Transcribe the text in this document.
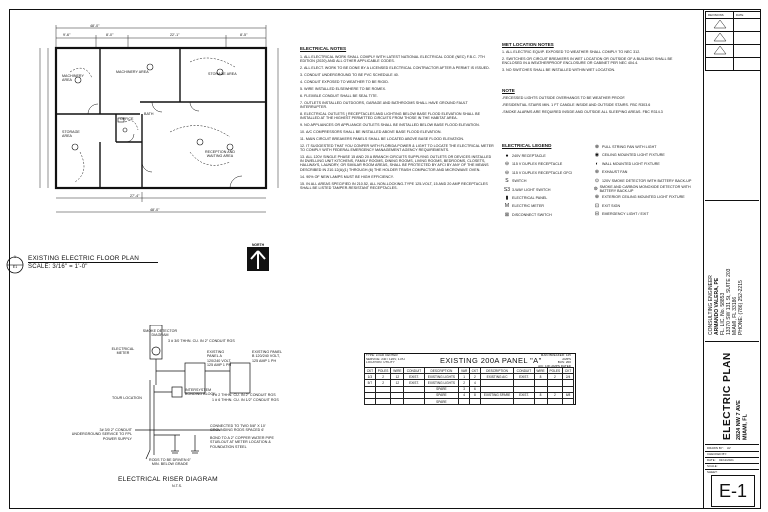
48'-0"
9'-6"	8'-0"	22'-1"	8'-5"
27'-4"
48'-0"
MACHINERY AREA
MACHINERY AREA	STORAGE AREA
STORAGE AREA
OFFICE
RECEPTION AND WAITING AREA
BATH
1
E1
EXISTING ELECTRIC FLOOR PLAN
SCALE: 3/16" = 1'-0"
NORTH
ELECTRICAL NOTES

1. ALL ELECTRICAL WORK SHALL COMPLY WITH LATEST NATIONAL ELECTRICAL CODE (NEC) F.B.C. 7TH EDITION (2020) AND ALL OTHER APPLICABLE CODES.

2. ALL ELECT. WORK TO BE DONE BY A LICENSED ELECTRICAL CONTRACTOR AFTER A PERMIT IS ISSUED.

3. CONDUIT UNDERGROUND TO BE PVC SCHEDULE 40.

4. CONDUIT EXPOSED TO WEATHER TO BE RIGID.

5. WIRE INSTALLED ELSEWHERE TO BE ROMEX.

6. FLEXIBLE CONDUIT SHALL BE SEAL TITE.

7. OUTLETS INSTALLED OUTDOORS, GARAGE AND BATHROOMS SHALL HAVE GROUND FAULT INTERRUPTER.

8. ELECTRICAL OUTLETS ( RECEPTACLES AND LIGHTING BELOW BASE FLOOD ELEVATION SHALL BE INSTALLED AT THE HIGHEST PERMITTED CIRCUITS FROM THOSE IN THE HABITAT AREA.

9. NO APPLIANCES OR APPLIANCE OUTLETS SHALL BE INSTALLED BELOW BASE FLOOD ELEVATION.

10. A/C COMPRESSORS SHALL BE INSTALLED ABOVE BASE FLOOD ELEVATION.

11. MAIN CIRCUIT BREAKERS PANELS SHALL BE LOCATED ABOVE BASE FLOOD ELEVATION.

12. IT SUGGESTED THAT YOU CONFER WITH FLORIDA POWER & LIGHT TO LOCATE THE ELECTRICAL METER TO COMPLY WITH FEDERAL EMERGENCY MANAGEMENT AGENCY REQUIREMENTS.

13. ALL 120V SINGLE PHASE 15 AND 20 A BRANCH CIRCUITS SUPPLYING OUTLETS OR DEVICES INSTALLED IN DWELLING UNIT KITCHENS, FAMILY ROOMS, DINING ROOMS, LIVING ROOMS, BEDROOMS, CLOSETS, HALLWAYS, LAUNDRY, OR SIMILAR ROOM AREAS, SHALL BE PROTECTED BY AFCI BY ANY OF THE MEANS DESCRIBED IN 210.12(A)(1) THROUGH (6) THE HOLDER TRASH COMPACTOR AND MICROWAVE OVEN.

14. 90% OF NEW LAMPS MUST BE HIGH EFFICIENCY.

15. IN ALL AREAS SPECIFIED IN 210.52, ALL NON-LOCKING-TYPE 125-VOLT, 15 AND 20 AMP RECEPTACLES SHALL BE LISTED TAMPER-RESISTANT RECEPTACLES.

MET LOCATION NOTES

1. ALL ELECTRIC EQUIP. EXPOSED TO WEATHER SHALL COMPLY TO NEC 312.

2. SWITCHES OR CIRCUIT BREAKERS IN WET LOCATION OR OUTSIDE OF A BUILDING SHALL BE ENCLOSED IN A WEATHERPROOF ENCLOSURE OR CABINET PER NEC 404.4.

3. NO SWITCHES SHALL BE INSTALLED WITHIN WET LOCATION.

NOTE

-RECESSED LIGHTS OUTSIDE OVERHANGS TO BE WEATHER PROOF.

-RESIDENTIAL STAIRS MIN. 1 FT CANDLE INSIDE AND OUTSIDE STAIRS. FBC R303.6

-SMOKE ALARMS ARE REQUIRED INSIDE AND OUTSIDE ALL SLEEPING AREAS. FBC R314.3

ELECTRICAL LEGEND
● 240V RECEPTACLE
⊖ 115 V DUPLEX RECEPTACLE
⊖ 115 V DUPLEX RECEPTACLE GFCI
S SWITCH
S3 3-WAY LIGHT SWITCH
▮ ELECTRICAL PANEL
M ELECTRIC METER
⊠ DISCONNECT SWITCH
⊗ PULL STRING FAN WITH LIGHT
◉ CEILING MOUNTED LIGHT FIXTURE
◐ WALL MOUNTED LIGHT FIXTURE
⊛ EXHAUST FAN
⊙ 120V SMOKE DETECTOR WITH BATTERY BACK-UP
⊚ SMOKE AND CARBON MONOXIDE DETECTOR WITH BATTERY BACK-UP
⊕ EXTERIOR CEILING MOUNTED LIGHT FIXTURE
⊡ EXIT SIGN
⊟ EMERGENCY LIGHT / EXIT
SMOKE DETECTOR DIAGRAM
ELECTRICAL METER
3 # 3/0 THHN. CU. IN 2" CONDUIT RGS
EXISTING PANEL A 120/240 VOLT, 125 AMP 1 PH
EXISTING PANEL B 120/240 VOLT, 125 AMP 1 PH
3 # 2 THHN. CU. IN 2" CONDUIT RGS
1 # 6 THHN. CU. IN 1/2" CONDUIT RGS
TOUR LOCATION
INTERSYSTEM BONDING BLOCK
3# 3/0 2" CONDUIT UNDERGROUND SERVICE TO FPL POWER SUPPLY
CONNECTED TO TWO 5/8" X 10' GROUNDING RODS SPACED 6'
BOND TO A 2" COPPER WATER PIPE STUB-OUT AT METER LOCATION & FOUNDATION STEEL
RODS TO BE DRIVEN 6" MIN. BELOW GRADE
ELECTRICAL RISER DIAGRAM
N.T.S.
TYPE: LOAD CENTER
SERVICE: 240 / 120V, 1-PH
LOCATION: UTILITY	EXISTING 200A PANEL "A"
MAIN BREAKER: 125 AMPS
BUS: 200
AIC: 10K AMPS RATED
CKT	POLES	WIRE	CONDUIT	DESCRIPTION	VAR	CKT	DESCRIPTION	CONDUIT	WIRE	POLES	CKT
1/3	2	12	EXIST.	EXISTING LIGHTS	1	2	EXISTING A/C	EXIST.	8	2	2/4
5/7	2	12	EXIST.	EXISTING LIGHTS	2	4					
				SPARE	3	6					
				SPARE	4	8	EXISTING SPARE	EXIST.	8	2	6/8
				SPARE							
REVISIONS	DATE
CONSULTING ENGINEER
ARMANDO VALERA, PE
FL. LIC. No. 58853
13370 SW 131 St, SUITE 203
MIAMI, FL 33186
PHONE: (786) 252-2215
ELECTRIC PLAN 2824 NW 7 AVE
MIAMI, FL
DRAWN BY: AV
CHECKED BY:
DATE: 02/11/2021
SCALE:
SHEET:
E-1
